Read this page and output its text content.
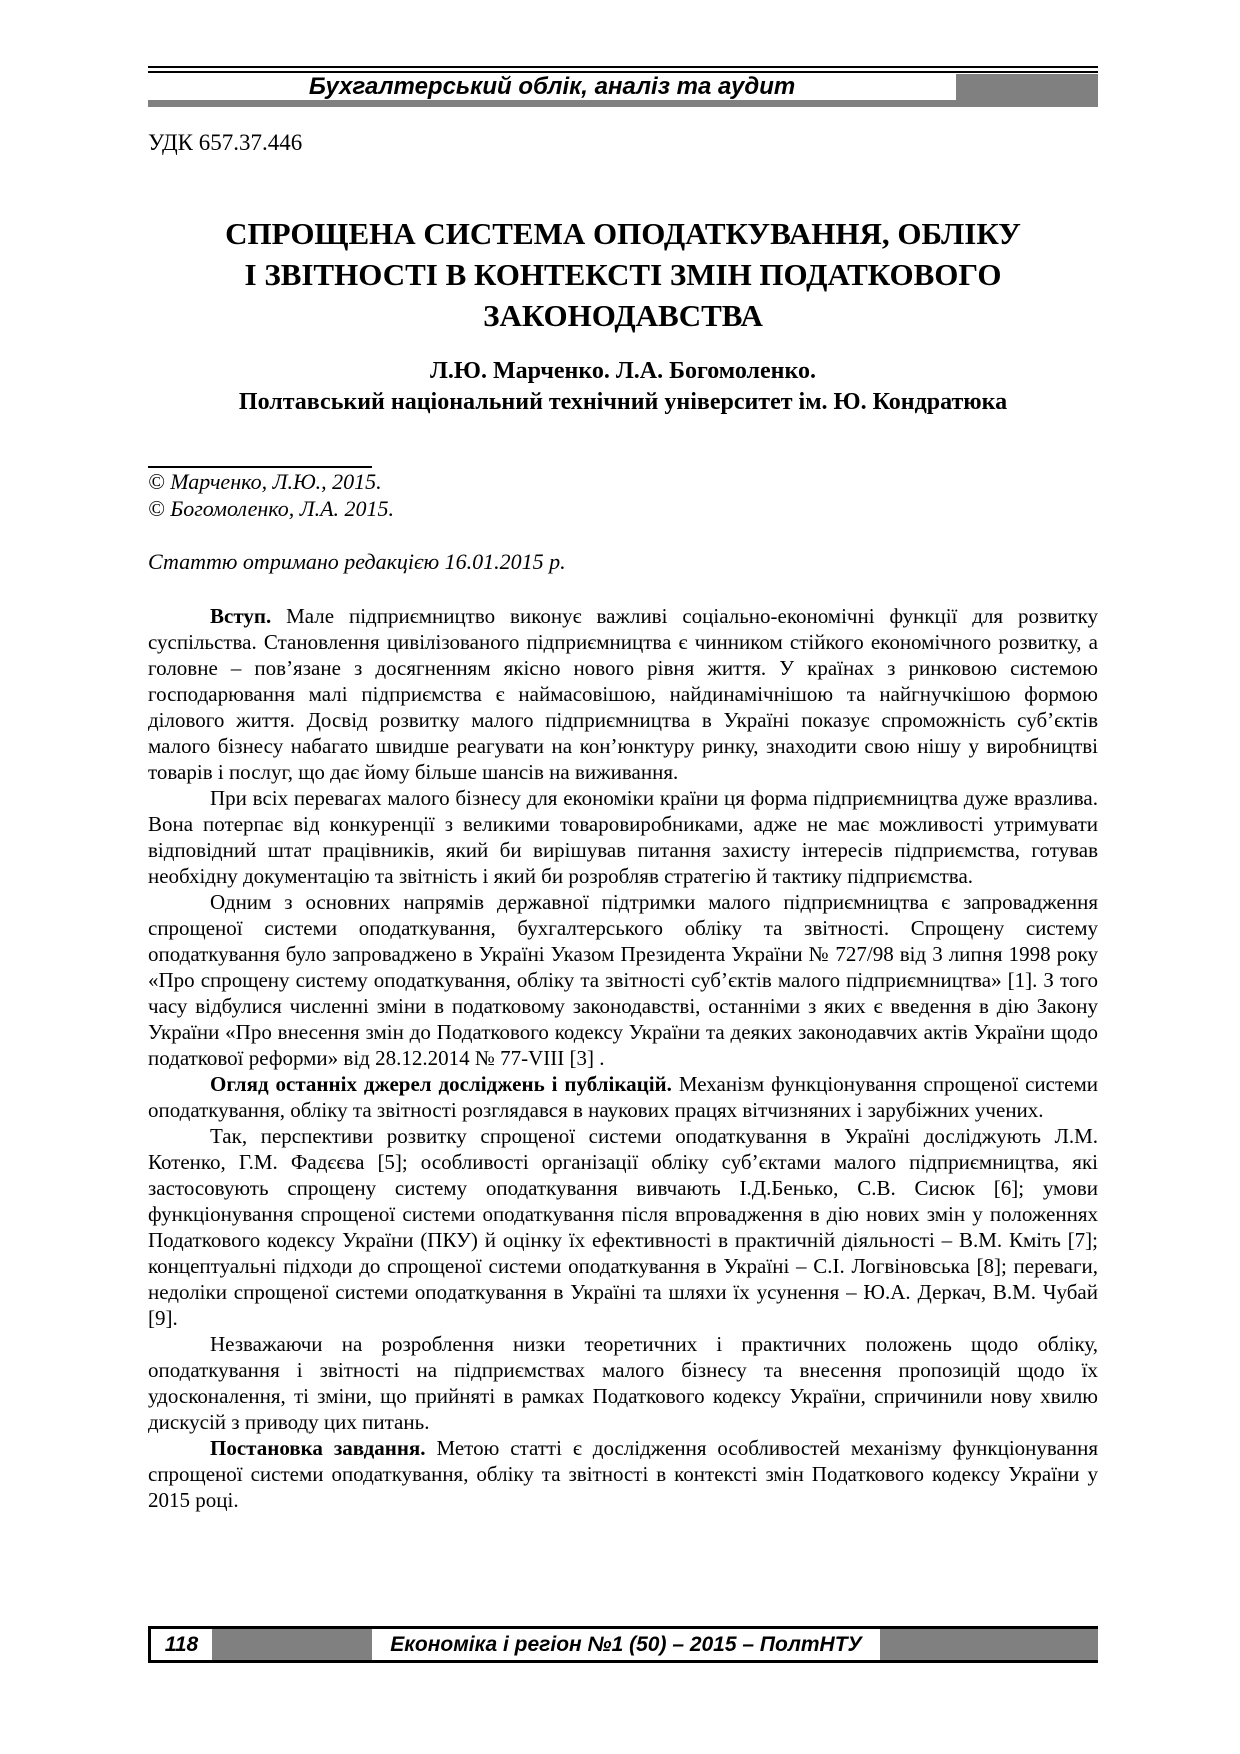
Бухгалтерський облік, аналіз та аудит
УДК 657.37.446
СПРОЩЕНА СИСТЕМА ОПОДАТКУВАННЯ, ОБЛІКУ
І ЗВІТНОСТІ В КОНТЕКСТІ ЗМІН ПОДАТКОВОГО
ЗАКОНОДАВСТВА
Л.Ю. Марченко. Л.А. Богомоленко.
Полтавський національний технічний університет ім. Ю. Кондратюка
© Марченко, Л.Ю., 2015.
© Богомоленко, Л.А. 2015.
Статтю отримано редакцією 16.01.2015 р.

Вступ. Мале підприємництво виконує важливі соціально-економічні функції для розвитку суспільства. Становлення цивілізованого підприємництва є чинником стійкого економічного розвитку, а головне – пов’язане з досягненням якісно нового рівня життя. У країнах з ринковою системою господарювання малі підприємства є наймасовішою, найдинамічнішою та найгнучкішою формою ділового життя. Досвід розвитку малого підприємництва в Україні показує спроможність суб’єктів малого бізнесу набагато швидше реагувати на кон’юнктуру ринку, знаходити свою нішу у виробництві товарів і послуг, що дає йому більше шансів на виживання.

При всіх перевагах малого бізнесу для економіки країни ця форма підприємництва дуже вразлива. Вона потерпає від конкуренції з великими товаровиробниками, адже не має можливості утримувати відповідний штат працівників, який би вирішував питання захисту інтересів підприємства, готував необхідну документацію та звітність і який би розробляв стратегію й тактику підприємства.

Одним з основних напрямів державної підтримки малого підприємництва є запровадження спрощеної системи оподаткування, бухгалтерського обліку та звітності. Спрощену систему оподаткування було запроваджено в Україні Указом Президента України № 727/98 від 3 липня 1998 року «Про спрощену систему оподаткування, обліку та звітності суб’єктів малого підприємництва» [1]. З того часу відбулися численні зміни в податковому законодавстві, останніми з яких є введення в дію Закону України «Про внесення змін до Податкового кодексу України та деяких законодавчих актів України щодо податкової реформи» від 28.12.2014 № 77-VIII [3] .

Огляд останніх джерел досліджень і публікацій. Механізм функціонування спрощеної системи оподаткування, обліку та звітності розглядався в наукових працях вітчизняних і зарубіжних учених.

Так, перспективи розвитку спрощеної системи оподаткування в Україні досліджують Л.М. Котенко, Г.М. Фадєєва [5]; особливості організації обліку суб’єктами малого підприємництва, які застосовують спрощену систему оподаткування вивчають І.Д.Бенько, С.В. Сисюк [6]; умови функціонування спрощеної системи оподаткування після впровадження в дію нових змін у положеннях Податкового кодексу України (ПКУ) й оцінку їх ефективності в практичній діяльності – В.М. Кміть [7]; концептуальні підходи до спрощеної системи оподаткування в Україні – С.І. Логвіновська [8]; переваги, недоліки спрощеної системи оподаткування в Україні та шляхи їх усунення – Ю.А. Деркач, В.М. Чубай [9].

Незважаючи на розроблення низки теоретичних і практичних положень щодо обліку, оподаткування і звітності на підприємствах малого бізнесу та внесення пропозицій щодо їх удосконалення, ті зміни, що прийняті в рамках Податкового кодексу України, спричинили нову хвилю дискусій з приводу цих питань.

Постановка завдання. Метою статті є дослідження особливостей механізму функціонування спрощеної системи оподаткування, обліку та звітності в контексті змін Податкового кодексу України у 2015 році.

118	Економіка і регіон №1 (50) – 2015 – ПолтНТУ
